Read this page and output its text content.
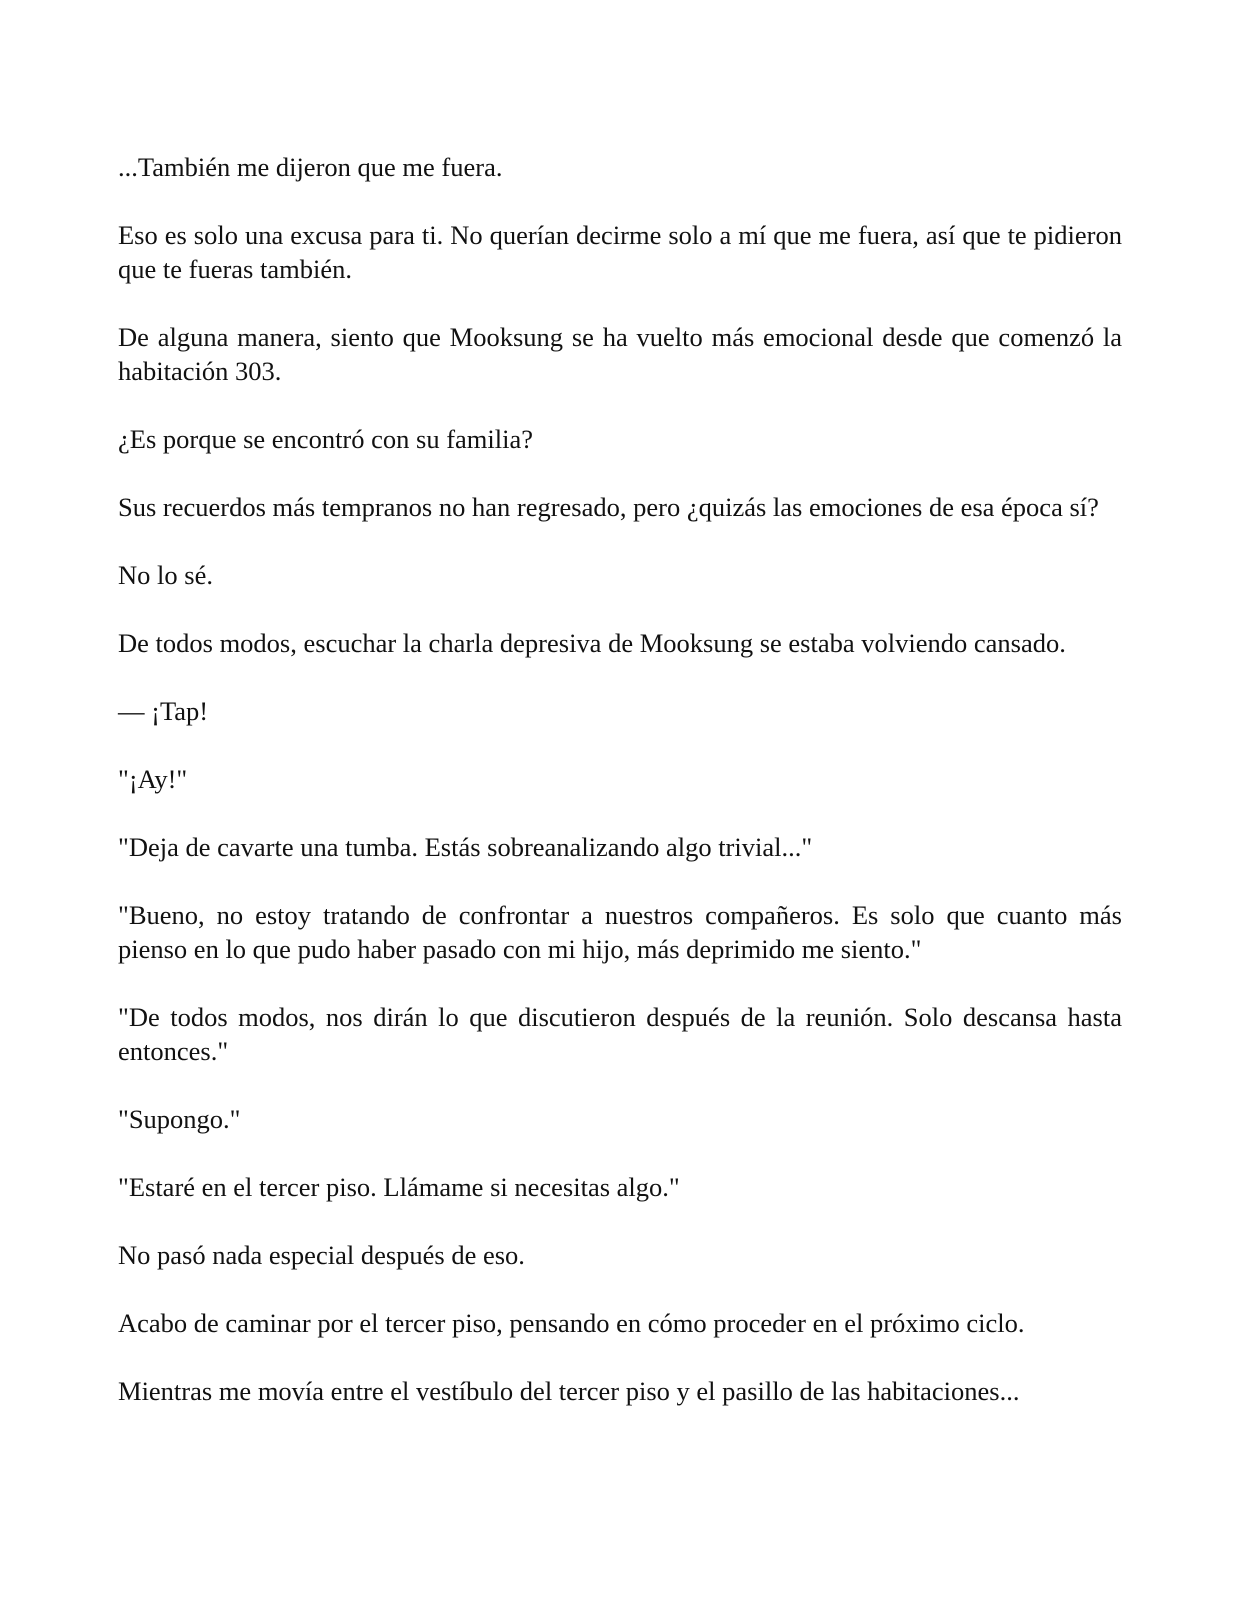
...También me dijeron que me fuera.

Eso es solo una excusa para ti. No querían decirme solo a mí que me fuera, así que te pidieron que te fueras también.

De alguna manera, siento que Mooksung se ha vuelto más emocional desde que comenzó la habitación 303.

¿Es porque se encontró con su familia?

Sus recuerdos más tempranos no han regresado, pero ¿quizás las emociones de esa época sí?

No lo sé.

De todos modos, escuchar la charla depresiva de Mooksung se estaba volviendo cansado.

— ¡Tap!

"¡Ay!"

"Deja de cavarte una tumba. Estás sobreanalizando algo trivial..."

"Bueno, no estoy tratando de confrontar a nuestros compañeros. Es solo que cuanto más pienso en lo que pudo haber pasado con mi hijo, más deprimido me siento."

"De todos modos, nos dirán lo que discutieron después de la reunión. Solo descansa hasta entonces."

"Supongo."

"Estaré en el tercer piso. Llámame si necesitas algo."

No pasó nada especial después de eso.

Acabo de caminar por el tercer piso, pensando en cómo proceder en el próximo ciclo.

Mientras me movía entre el vestíbulo del tercer piso y el pasillo de las habitaciones...
